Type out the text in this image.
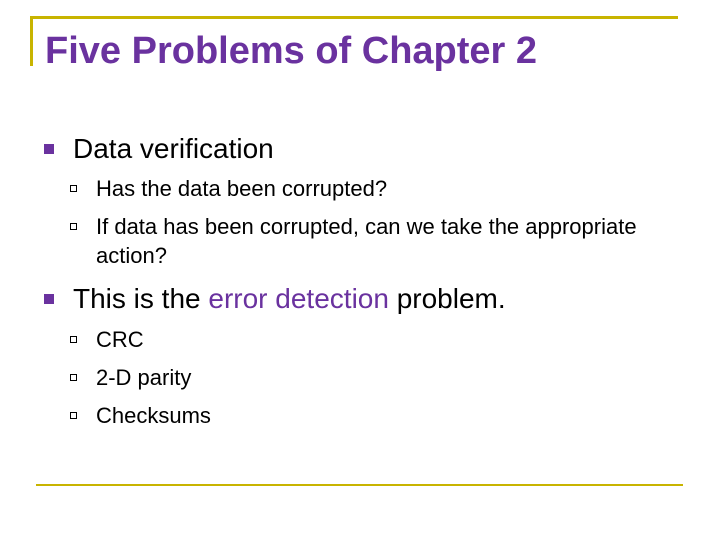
Five Problems of Chapter 2
Data verification
Has the data been corrupted?
If data has been corrupted, can we take the appropriate action?
This is the error detection problem.
CRC
2-D parity
Checksums
